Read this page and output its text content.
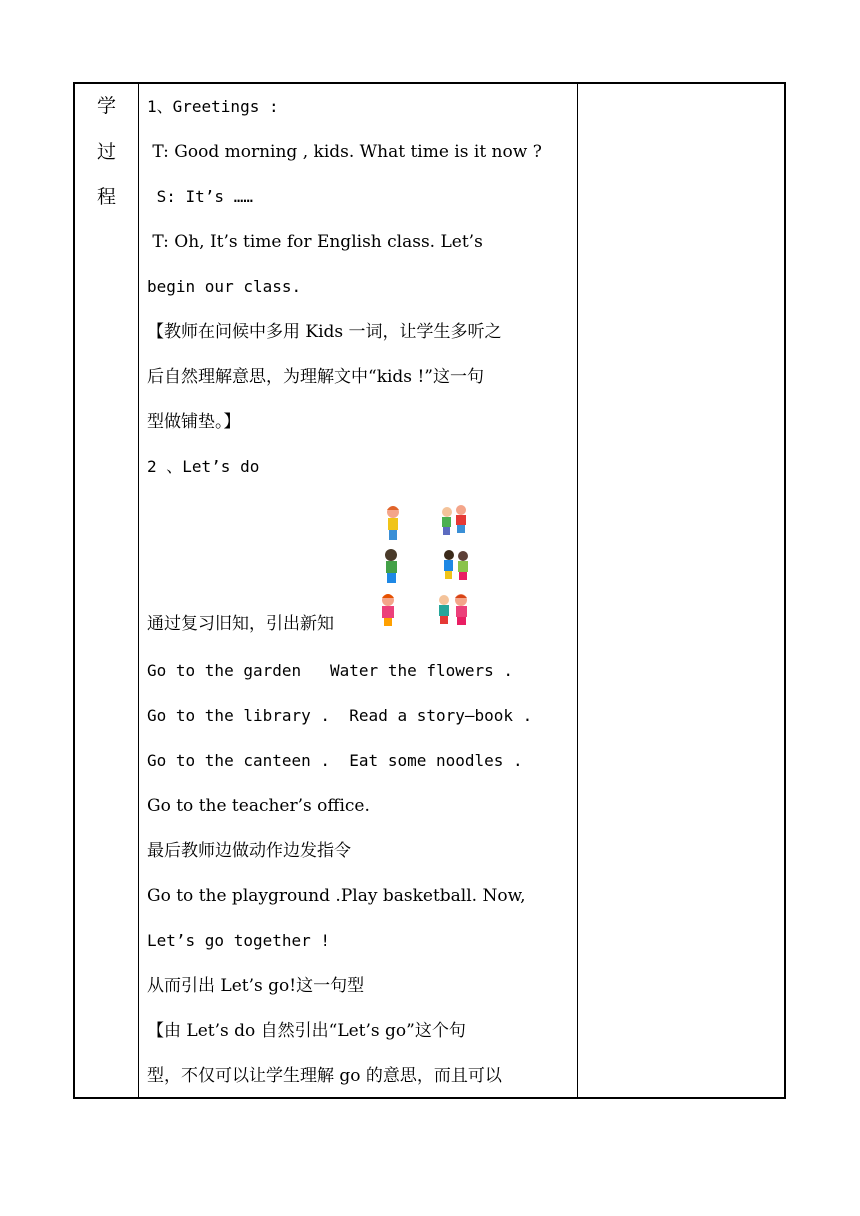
学
过
程
1、Greetings :
T: Good morning , kids. What time is it now ?
S: It’s ……
T: Oh, It’s time for English class. Let’s
begin our class.
【教师在问候中多用 Kids 一词，让学生多听之
后自然理解意思，为理解文中“kids !”这一句
型做铺垫。】
2 、Let’s do
通过复习旧知，引出新知
Go to the garden   Water the flowers .
Go to the library .  Read a story—book .
Go to the canteen .  Eat some noodles .
Go to the teacher’s office.
最后教师边做动作边发指令
Go to the playground .Play basketball. Now,
Let’s go together !
从而引出 Let’s go!这一句型
【由 Let’s do 自然引出“Let’s go”这个句
型，不仅可以让学生理解 go 的意思，而且可以
